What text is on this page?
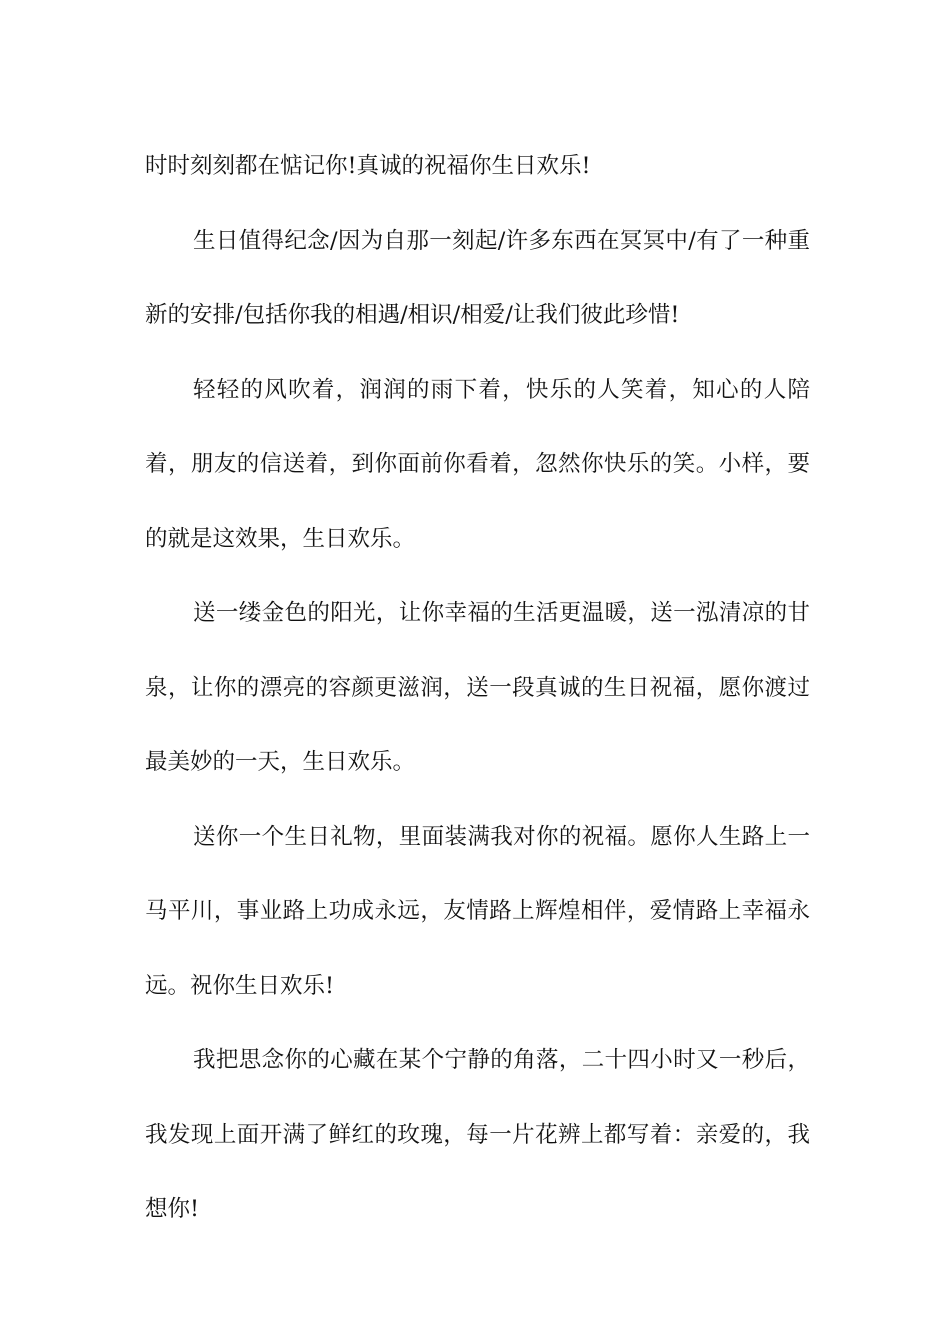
时时刻刻都在惦记你!真诚的祝福你生日欢乐!

生日值得纪念/因为自那一刻起/许多东西在冥冥中/有了一种重新的安排/包括你我的相遇/相识/相爱/让我们彼此珍惜!

轻轻的风吹着，润润的雨下着，快乐的人笑着，知心的人陪着，朋友的信送着，到你面前你看着，忽然你快乐的笑。小样，要的就是这效果，生日欢乐。

送一缕金色的阳光，让你幸福的生活更温暖，送一泓清凉的甘泉，让你的漂亮的容颜更滋润，送一段真诚的生日祝福，愿你渡过最美妙的一天，生日欢乐。

送你一个生日礼物，里面装满我对你的祝福。愿你人生路上一马平川，事业路上功成永远，友情路上辉煌相伴，爱情路上幸福永远。祝你生日欢乐!

我把思念你的心藏在某个宁静的角落，二十四小时又一秒后，我发现上面开满了鲜红的玫瑰，每一片花辨上都写着：亲爱的，我想你!
